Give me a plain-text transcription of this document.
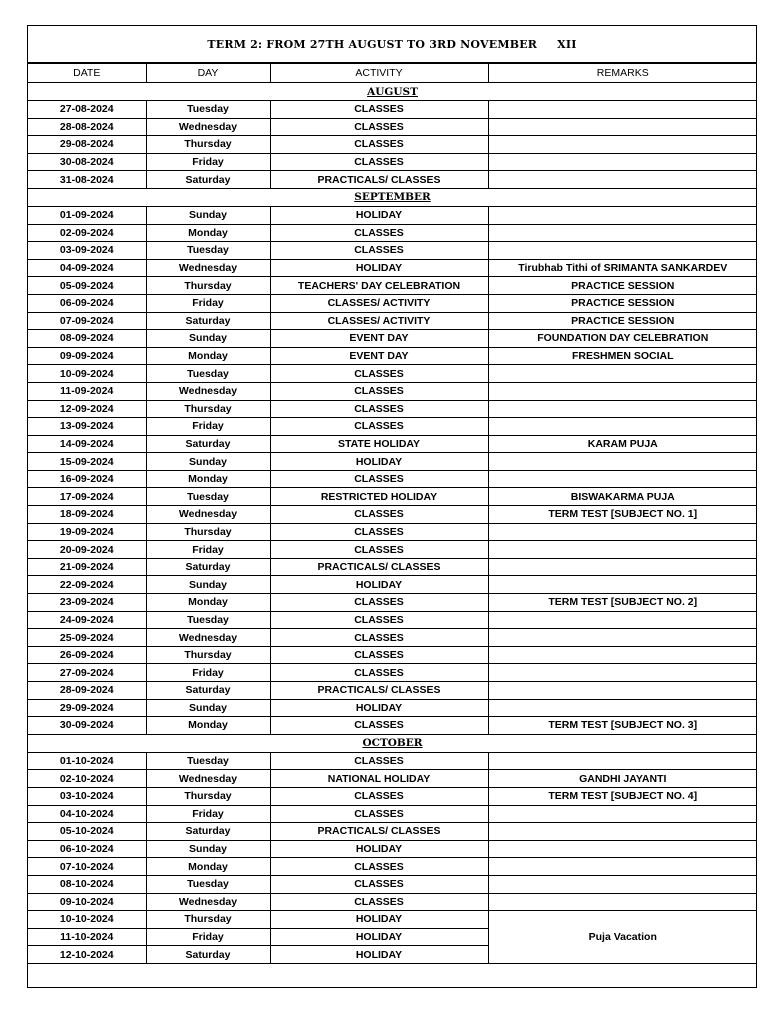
TERM 2: FROM 27TH AUGUST TO 3RD NOVEMBER XII
DATE	DAY	ACTIVITY	REMARKS
AUGUST			
27-08-2024	Tuesday	CLASSES	
28-08-2024	Wednesday	CLASSES	
29-08-2024	Thursday	CLASSES	
30-08-2024	Friday	CLASSES	
31-08-2024	Saturday	PRACTICALS/ CLASSES	
SEPTEMBER			
01-09-2024	Sunday	HOLIDAY	
02-09-2024	Monday	CLASSES	
03-09-2024	Tuesday	CLASSES	
04-09-2024	Wednesday	HOLIDAY	Tirubhab Tithi of SRIMANTA SANKARDEV
05-09-2024	Thursday	TEACHERS' DAY CELEBRATION	PRACTICE SESSION
06-09-2024	Friday	CLASSES/ ACTIVITY	PRACTICE SESSION
07-09-2024	Saturday	CLASSES/ ACTIVITY	PRACTICE SESSION
08-09-2024	Sunday	EVENT DAY	FOUNDATION DAY CELEBRATION
09-09-2024	Monday	EVENT DAY	FRESHMEN SOCIAL
10-09-2024	Tuesday	CLASSES	
11-09-2024	Wednesday	CLASSES	
12-09-2024	Thursday	CLASSES	
13-09-2024	Friday	CLASSES	
14-09-2024	Saturday	STATE HOLIDAY	KARAM PUJA
15-09-2024	Sunday	HOLIDAY	
16-09-2024	Monday	CLASSES	
17-09-2024	Tuesday	RESTRICTED HOLIDAY	BISWAKARMA PUJA
18-09-2024	Wednesday	CLASSES	TERM TEST [SUBJECT NO. 1]
19-09-2024	Thursday	CLASSES	
20-09-2024	Friday	CLASSES	
21-09-2024	Saturday	PRACTICALS/ CLASSES	
22-09-2024	Sunday	HOLIDAY	
23-09-2024	Monday	CLASSES	TERM TEST [SUBJECT NO. 2]
24-09-2024	Tuesday	CLASSES	
25-09-2024	Wednesday	CLASSES	
26-09-2024	Thursday	CLASSES	
27-09-2024	Friday	CLASSES	
28-09-2024	Saturday	PRACTICALS/ CLASSES	
29-09-2024	Sunday	HOLIDAY	
30-09-2024	Monday	CLASSES	TERM TEST [SUBJECT NO. 3]
OCTOBER			
01-10-2024	Tuesday	CLASSES	
02-10-2024	Wednesday	NATIONAL HOLIDAY	GANDHI JAYANTI
03-10-2024	Thursday	CLASSES	TERM TEST [SUBJECT NO. 4]
04-10-2024	Friday	CLASSES	
05-10-2024	Saturday	PRACTICALS/ CLASSES	
06-10-2024	Sunday	HOLIDAY	
07-10-2024	Monday	CLASSES	
08-10-2024	Tuesday	CLASSES	
09-10-2024	Wednesday	CLASSES	
10-10-2024	Thursday	HOLIDAY	Puja Vacation
11-10-2024	Friday	HOLIDAY	
12-10-2024	Saturday	HOLIDAY	
